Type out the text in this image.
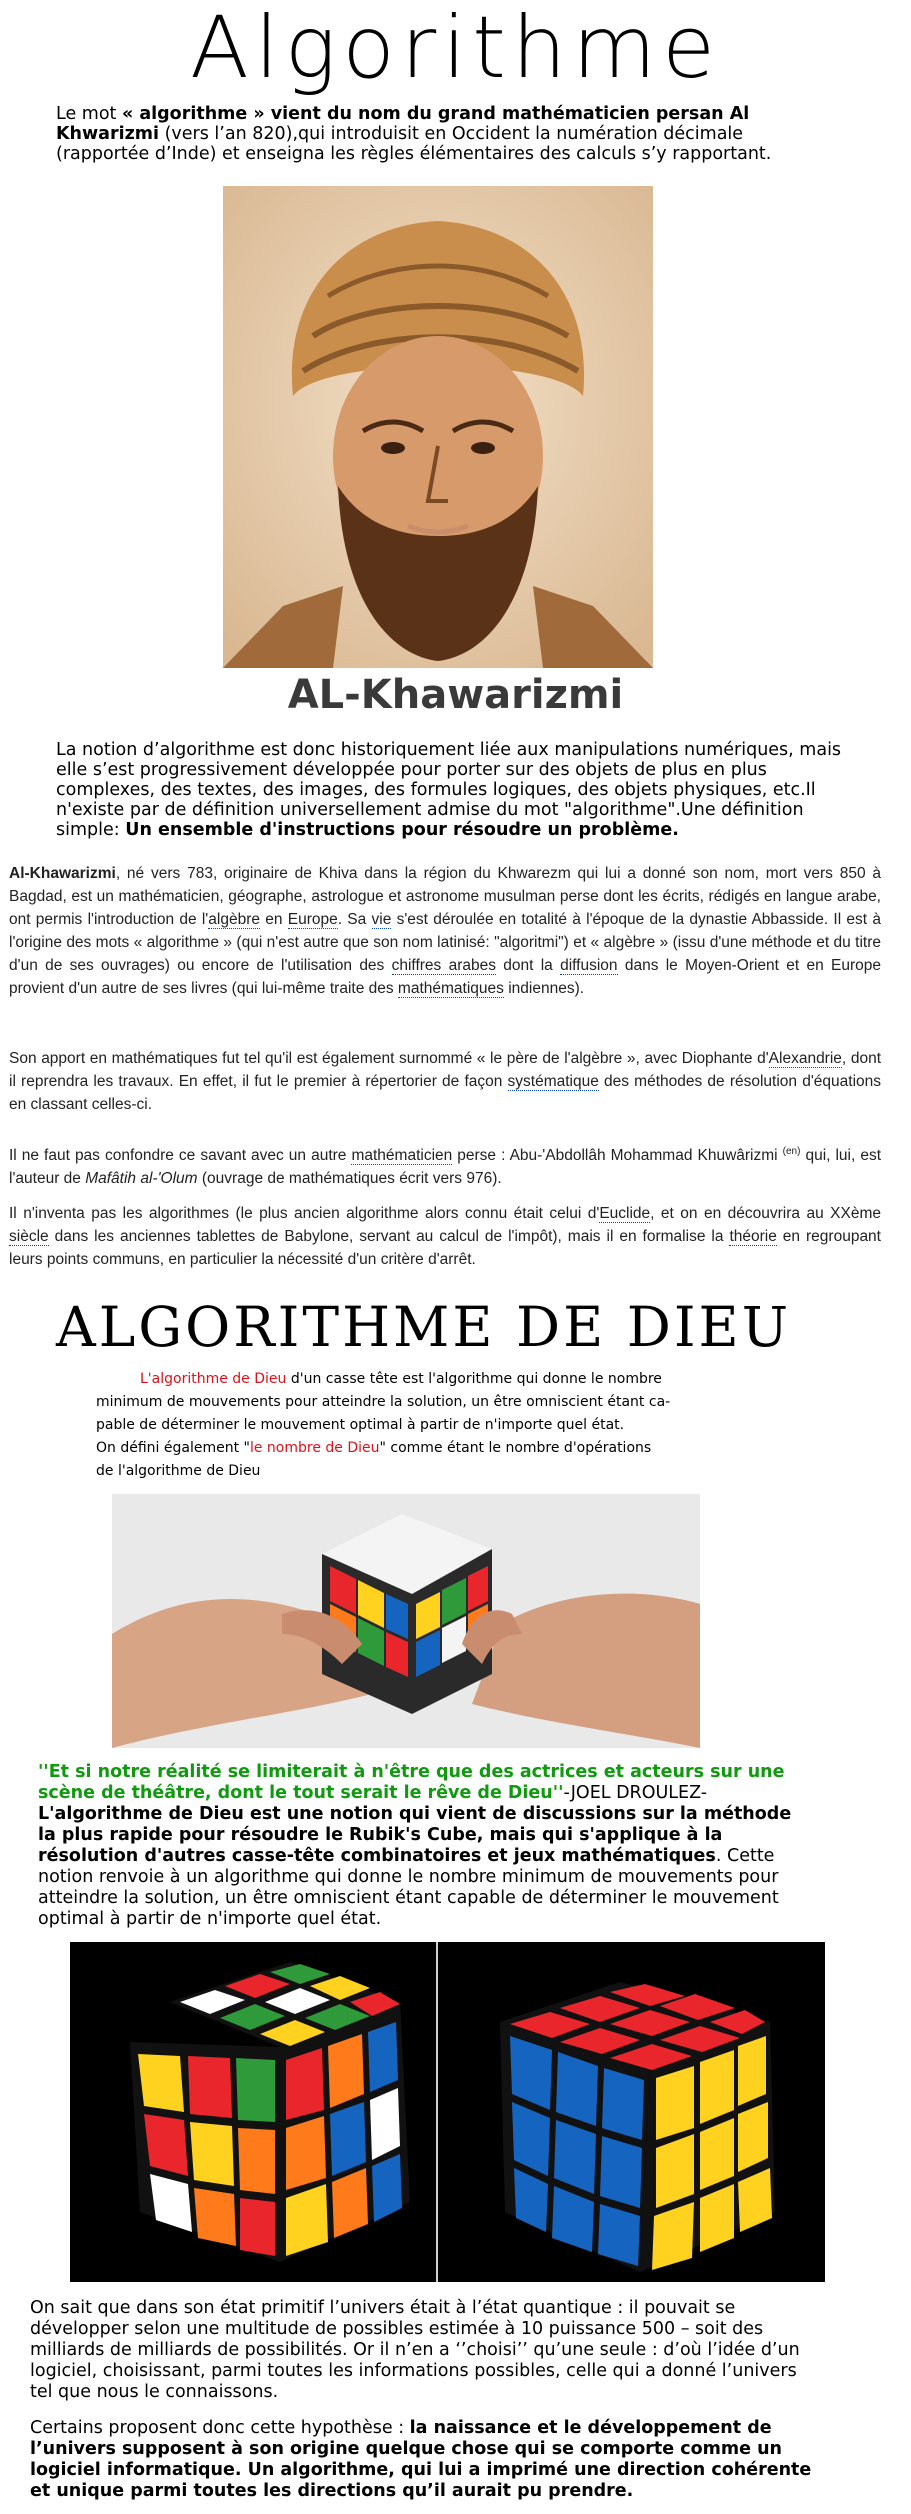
Algorithme
Le mot « algorithme » vient du nom du grand mathématicien persan Al Khwarizmi (vers l’an 820),qui introduisit en Occident la numération décimale (rapportée d’Inde) et enseigna les règles élémentaires des calculs s’y rapportant.
AL-Khawarizmi
La notion d’algorithme est donc historiquement liée aux manipulations numériques, mais elle s’est progressivement développée pour porter sur des objets de plus en plus complexes, des textes, des images, des formules logiques, des objets physiques, etc.Il n'existe par de définition universellement admise du mot "algorithme".Une définition simple: Un ensemble d'instructions pour résoudre un problème.
Al-Khawarizmi, né vers 783, originaire de Khiva dans la région du Khwarezm qui lui a donné son nom, mort vers 850 à Bagdad, est un mathématicien, géographe, astrologue et astronome musulman perse dont les écrits, rédigés en langue arabe, ont permis l'introduction de l'algèbre en Europe. Sa vie s'est déroulée en totalité à l'époque de la dynastie Abbasside. Il est à l'origine des mots « algorithme » (qui n'est autre que son nom latinisé: "algoritmi") et « algèbre » (issu d'une méthode et du titre d'un de ses ouvrages) ou encore de l'utilisation des chiffres arabes dont la diffusion dans le Moyen-Orient et en Europe provient d'un autre de ses livres (qui lui-même traite des mathématiques indiennes).
Son apport en mathématiques fut tel qu'il est également surnommé « le père de l'algèbre », avec Diophante d'Alexandrie, dont il reprendra les travaux. En effet, il fut le premier à répertorier de façon systématique des méthodes de résolution d'équations en classant celles-ci.
Il ne faut pas confondre ce savant avec un autre mathématicien perse : Abu-'Abdollâh Mohammad Khuwârizmi $^{(en)}$ qui, lui, est l'auteur de Mafâtih al-'Olum (ouvrage de mathématiques écrit vers 976).
Il n'inventa pas les algorithmes (le plus ancien algorithme alors connu était celui d'Euclide, et on en découvrira au XXème siècle dans les anciennes tablettes de Babylone, servant au calcul de l'impôt), mais il en formalise la théorie en regroupant leurs points communs, en particulier la nécessité d'un critère d'arrêt.
ALGORITHME DE DIEU
L'algorithme de Dieu d'un casse tête est l'algorithme qui donne le nombre
minimum de mouvements pour atteindre la solution, un être omniscient étant ca-
pable de déterminer le mouvement optimal à partir de n'importe quel état.
On défini également "le nombre de Dieu" comme étant le nombre d'opérations
de l'algorithme de Dieu
''Et si notre réalité se limiterait à n'être que des actrices et acteurs sur une scène de théâtre, dont le tout serait le rêve de Dieu''-JOEL DROULEZ-
L'algorithme de Dieu est une notion qui vient de discussions sur la méthode la plus rapide pour résoudre le Rubik's Cube, mais qui s'applique à la résolution d'autres casse-tête combinatoires et jeux mathématiques. Cette notion renvoie à un algorithme qui donne le nombre minimum de mouvements pour atteindre la solution, un être omniscient étant capable de déterminer le mouvement optimal à partir de n'importe quel état.
On sait que dans son état primitif l’univers était à l’état quantique : il pouvait se développer selon une multitude de possibles estimée à 10 puissance 500 – soit des milliards de milliards de possibilités. Or il n’en a ‘’choisi’’ qu’une seule : d’où l’idée d’un logiciel, choisissant, parmi toutes les informations possibles, celle qui a donné l’univers tel que nous le connaissons.
Certains proposent donc cette hypothèse : la naissance et le développement de l’univers supposent à son origine quelque chose qui se comporte comme un logiciel informatique. Un algorithme, qui lui a imprimé une direction cohérente et unique parmi toutes les directions qu’il aurait pu prendre.
